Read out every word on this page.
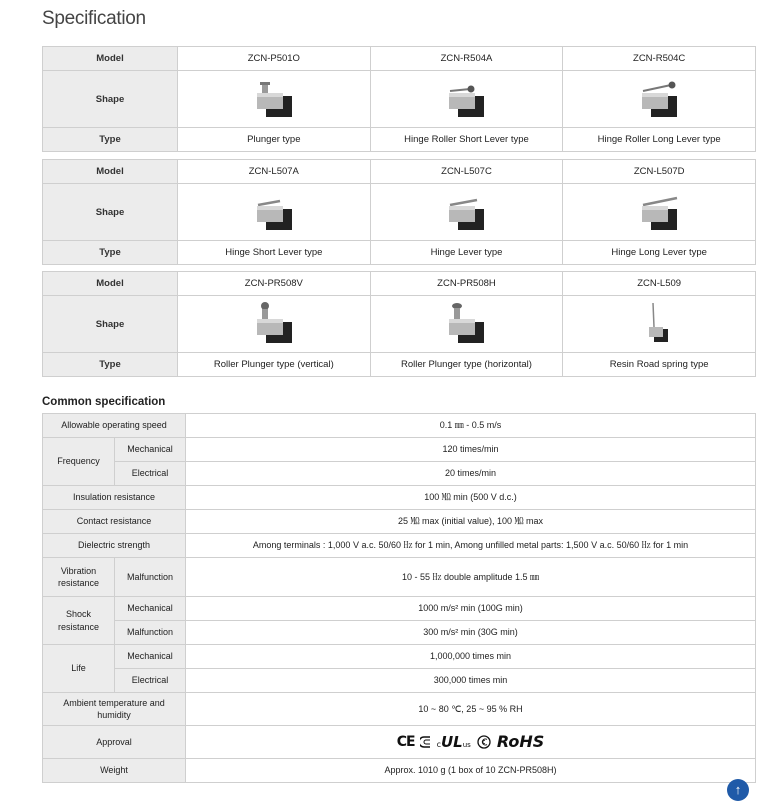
Specification
Model	ZCN-P501O	ZCN-R504A	ZCN-R504C
Shape	

Type	Plunger type	Hinge Roller Short Lever type	Hinge Roller Long Lever type
Model	ZCN-L507A	ZCN-L507C	ZCN-L507D
Shape	

Type	Hinge Short Lever type	Hinge Lever type	Hinge Long Lever type
Model	ZCN-PR508V	ZCN-PR508H	ZCN-L509
Shape	

Type	Roller Plunger type (vertical)	Roller Plunger type (horizontal)	Resin Road spring type
Common specification
Allowable operating speed		0.1 ㎜ - 0.5 m/s
Frequency	Mechanical	120 times/min
	Electrical	20 times/min
Insulation resistance		100 ㏁ min (500 V d.c.)
Contact resistance		25 ㏁ max (initial value), 100 ㏁ max
Dielectric strength		Among terminals : 1,000 V a.c. 50/60 ㎐ for 1 min, Among unfilled metal parts: 1,500 V a.c. 50/60 ㎐ for 1 min
Vibration
resistance	Malfunction	10 - 55 ㎐ double amplitude 1.5 ㎜
Shock
resistance	Mechanical	1000 m/s² min (100G min)
	Malfunction	300 m/s² min (30G min)
Life	Mechanical	1,000,000 times min
	Electrical	300,000 times min
Ambient temperature and
humidity		10 ~ 80 ℃, 25 ~ 95 % RH
Approval		CE c UL us RoHS

Weight		Approx. 1010 g (1 box of 10 ZCN-PR508H)
↑
